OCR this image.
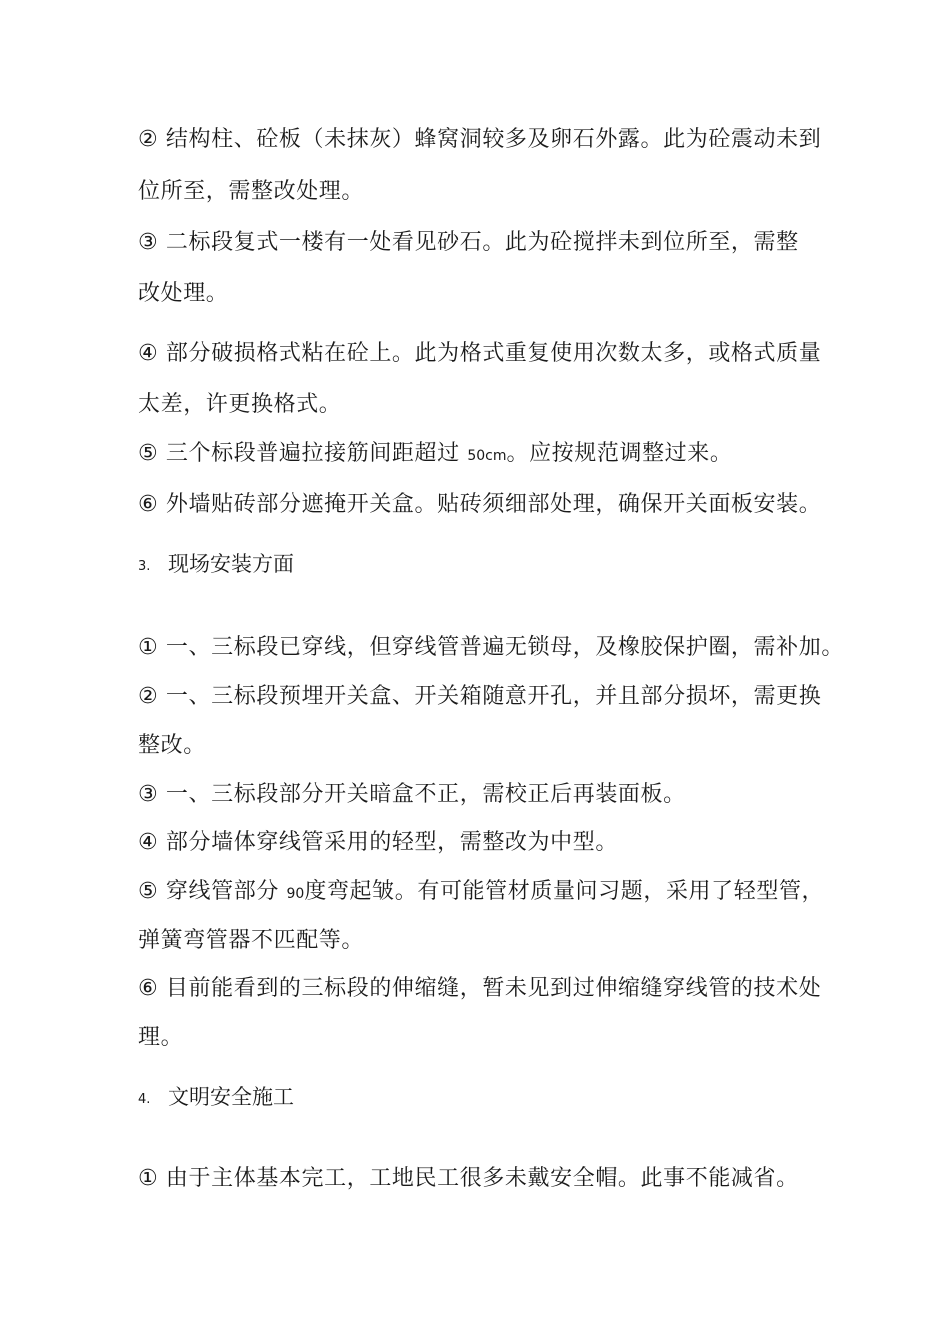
② 结构柱、砼板（未抹灰）蜂窝洞较多及卵石外露。此为砼震动未到
位所至，需整改处理。
③ 二标段复式一楼有一处看见砂石。此为砼搅拌未到位所至，需整
改处理。
④ 部分破损格式粘在砼上。此为格式重复使用次数太多，或格式质量
太差，许更换格式。
⑤ 三个标段普遍拉接筋间距超过 50cm。应按规范调整过来。
⑥ 外墙贴砖部分遮掩开关盒。贴砖须细部处理，确保开关面板安装。
3. 现场安装方面
① 一、三标段已穿线，但穿线管普遍无锁母，及橡胶保护圈，需补加。
② 一、三标段预埋开关盒、开关箱随意开孔，并且部分损坏，需更换
整改。
③ 一、三标段部分开关暗盒不正，需校正后再装面板。
④ 部分墙体穿线管采用的轻型，需整改为中型。
⑤ 穿线管部分 90度弯起皱。有可能管材质量问习题，采用了轻型管，
弹簧弯管器不匹配等。
⑥ 目前能看到的三标段的伸缩缝，暂未见到过伸缩缝穿线管的技术处
理。
4. 文明安全施工
① 由于主体基本完工，工地民工很多未戴安全帽。此事不能减省。
